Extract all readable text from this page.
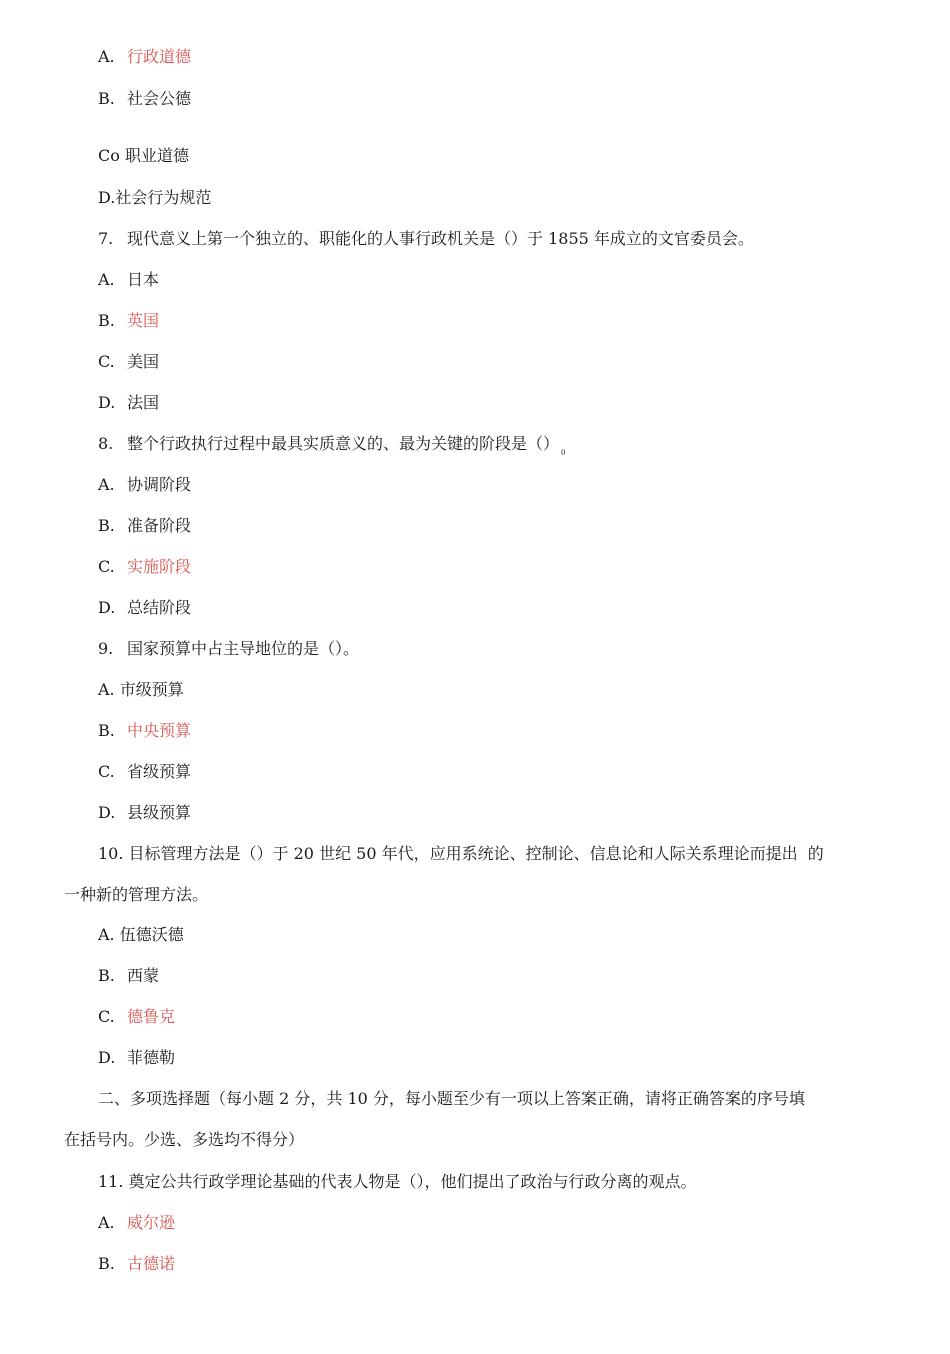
A. 行政道德
B. 社会公德
Co 职业道德
D.社会行为规范
7. 现代意义上第一个独立的、职能化的人事行政机关是（）于 1855 年成立的文官委员会。
A. 日本
B. 英国
C. 美国
D. 法国
8. 整个行政执行过程中最具实质意义的、最为关键的阶段是（） $_0$
A. 协调阶段
B. 准备阶段
C. 实施阶段
D. 总结阶段
9. 国家预算中占主导地位的是（）。
A. 市级预算
B. 中央预算
C. 省级预算
D. 县级预算
10. 目标管理方法是（）于 20 世纪 50 年代，应用系统论、控制论、信息论和人际关系理论而提出  的
一种新的管理方法。
A. 伍德沃德
B. 西蒙
C. 德鲁克
D. 菲德勒
二、多项选择题（每小题 2 分，共 10 分，每小题至少有一项以上答案正确，请将正确答案的序号填
在括号内。少选、多选均不得分）
11. 奠定公共行政学理论基础的代表人物是（），他们提出了政治与行政分离的观点。
A. 威尔逊
B. 古德诺
